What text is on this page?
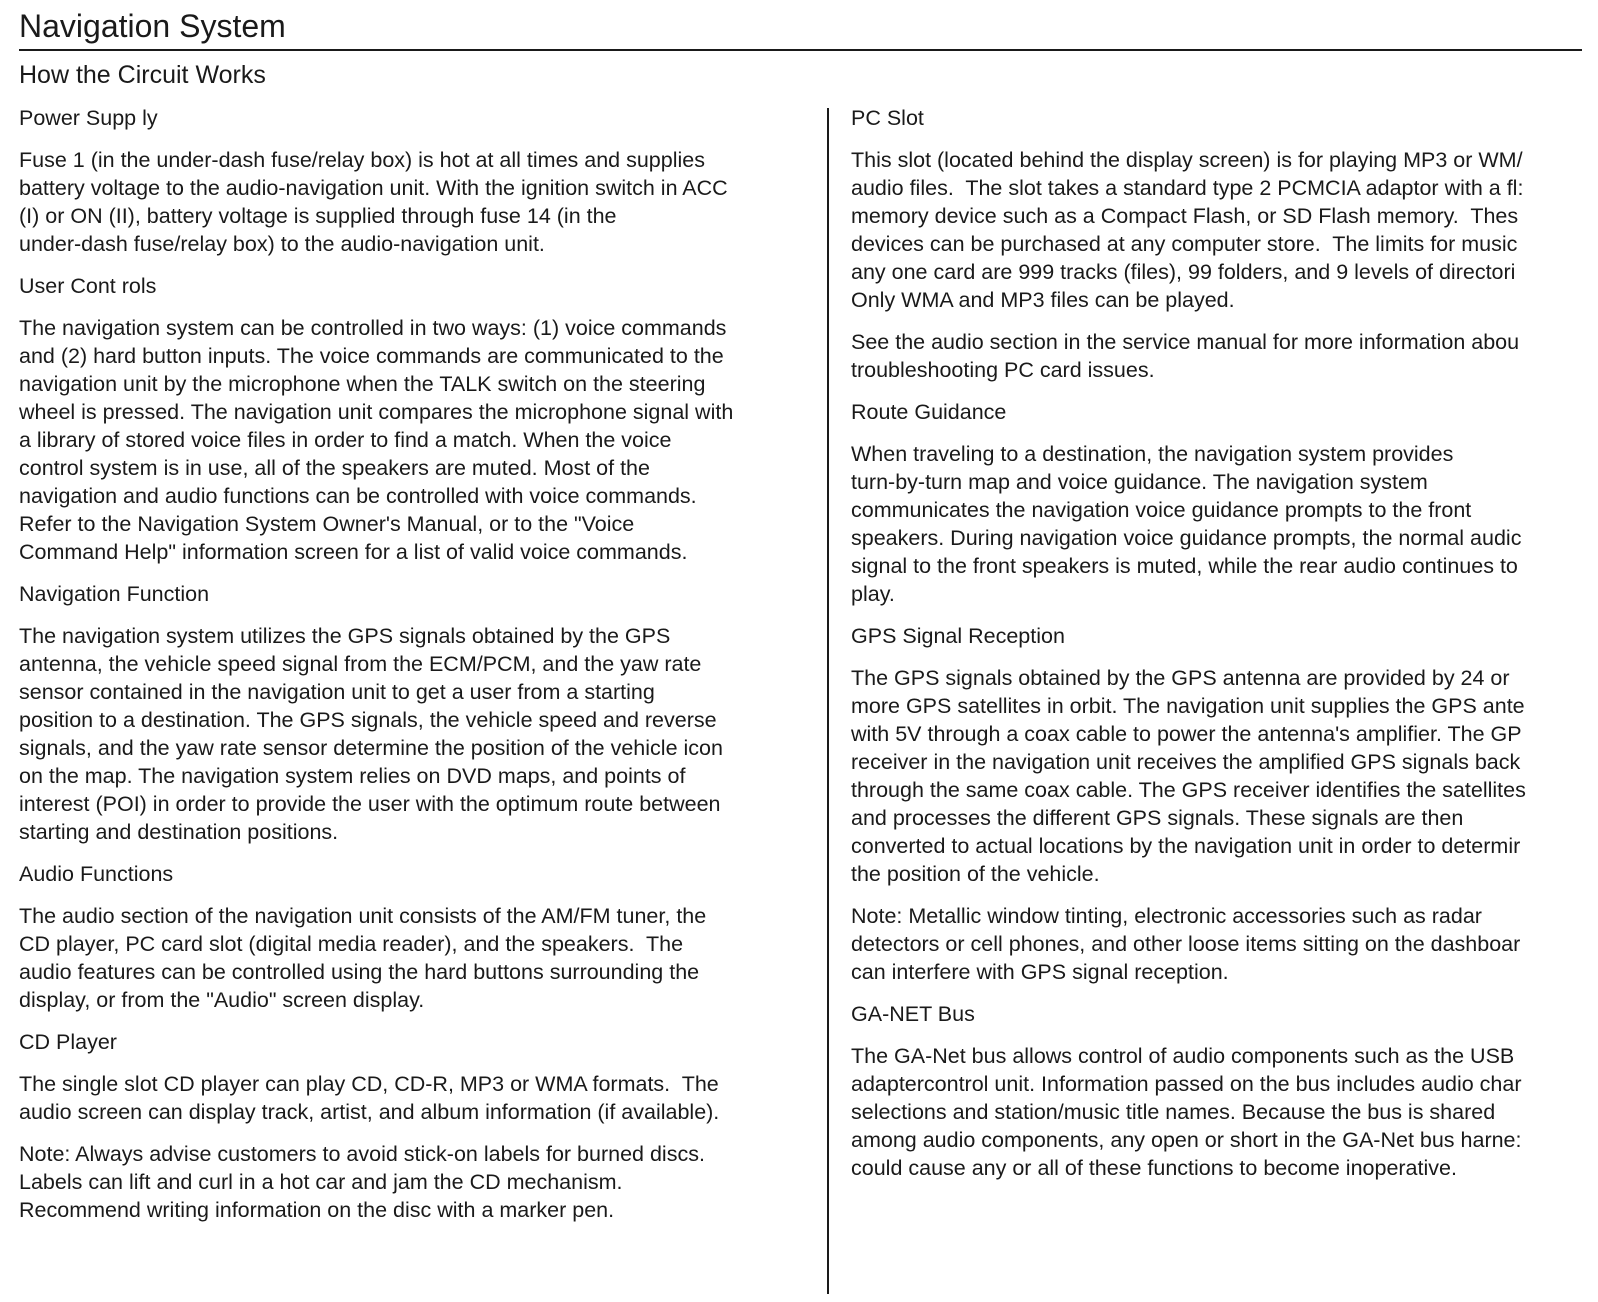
Navigation System
How the Circuit Works
Power Supp ly

Fuse 1 (in the under-dash fuse/relay box) is hot at all times and supplies
battery voltage to the audio-navigation unit. With the ignition switch in ACC
(I) or ON (II), battery voltage is supplied through fuse 14 (in the
under-dash fuse/relay box) to the audio-navigation unit.

User Cont rols

The navigation system can be controlled in two ways: (1) voice commands
and (2) hard button inputs. The voice commands are communicated to the
navigation unit by the microphone when the TALK switch on the steering
wheel is pressed. The navigation unit compares the microphone signal with
a library of stored voice files in order to find a match. When the voice
control system is in use, all of the speakers are muted. Most of the
navigation and audio functions can be controlled with voice commands.
Refer to the Navigation System Owner's Manual, or to the "Voice
Command Help" information screen for a list of valid voice commands.

Navigation Function

The navigation system utilizes the GPS signals obtained by the GPS
antenna, the vehicle speed signal from the ECM/PCM, and the yaw rate
sensor contained in the navigation unit to get a user from a starting
position to a destination. The GPS signals, the vehicle speed and reverse
signals, and the yaw rate sensor determine the position of the vehicle icon
on the map. The navigation system relies on DVD maps, and points of
interest (POI) in order to provide the user with the optimum route between
starting and destination positions.

Audio Functions

The audio section of the navigation unit consists of the AM/FM tuner, the
CD player, PC card slot (digital media reader), and the speakers.  The
audio features can be controlled using the hard buttons surrounding the
display, or from the "Audio" screen display.

CD Player

The single slot CD player can play CD, CD-R, MP3 or WMA formats.  The
audio screen can display track, artist, and album information (if available).

Note: Always advise customers to avoid stick-on labels for burned discs.
Labels can lift and curl in a hot car and jam the CD mechanism.
Recommend writing information on the disc with a marker pen.

PC Slot

This slot (located behind the display screen) is for playing MP3 or WM/
audio files.  The slot takes a standard type 2 PCMCIA adaptor with a fl:
memory device such as a Compact Flash, or SD Flash memory.  Thes
devices can be purchased at any computer store.  The limits for music
any one card are 999 tracks (files), 99 folders, and 9 levels of directori
Only WMA and MP3 files can be played.

See the audio section in the service manual for more information abou
troubleshooting PC card issues.

Route Guidance

When traveling to a destination, the navigation system provides
turn-by-turn map and voice guidance. The navigation system
communicates the navigation voice guidance prompts to the front
speakers. During navigation voice guidance prompts, the normal audic
signal to the front speakers is muted, while the rear audio continues to
play.

GPS Signal Reception

The GPS signals obtained by the GPS antenna are provided by 24 or
more GPS satellites in orbit. The navigation unit supplies the GPS ante
with 5V through a coax cable to power the antenna's amplifier. The GP
receiver in the navigation unit receives the amplified GPS signals back
through the same coax cable. The GPS receiver identifies the satellites
and processes the different GPS signals. These signals are then
converted to actual locations by the navigation unit in order to determir
the position of the vehicle.

Note: Metallic window tinting, electronic accessories such as radar
detectors or cell phones, and other loose items sitting on the dashboar
can interfere with GPS signal reception.

GA-NET Bus

The GA-Net bus allows control of audio components such as the USB
adaptercontrol unit. Information passed on the bus includes audio char
selections and station/music title names. Because the bus is shared
among audio components, any open or short in the GA-Net bus harne:
could cause any or all of these functions to become inoperative.
